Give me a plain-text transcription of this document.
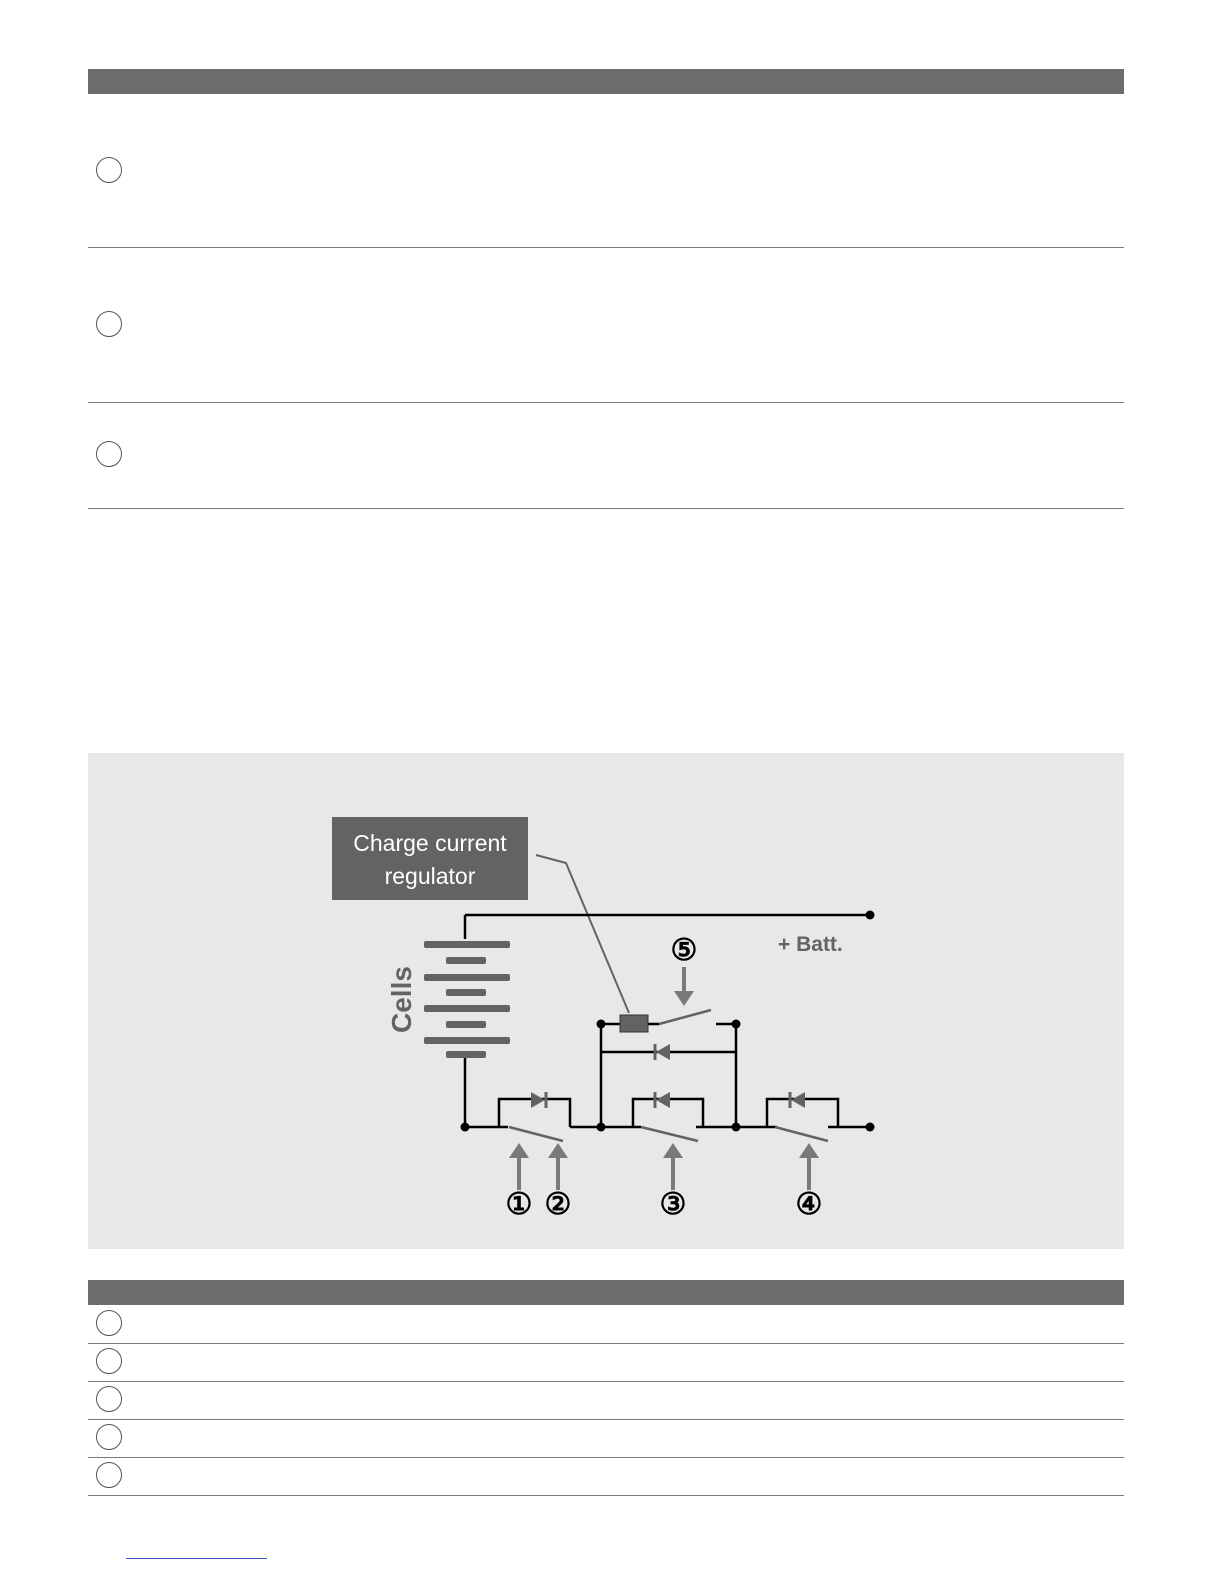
Charge current
regulator
+ Batt.
Cells
① ②	③	④
⑤
